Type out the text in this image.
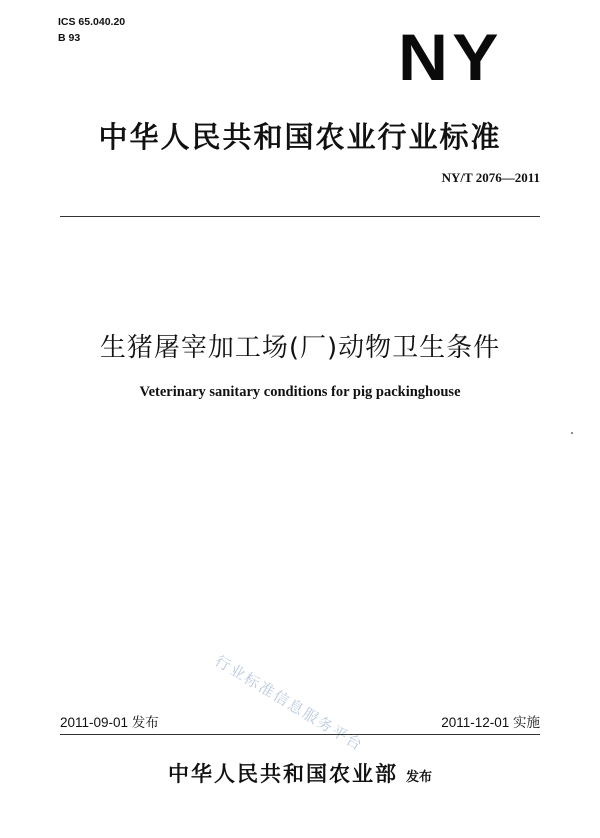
ICS 65.040.20
B 93	NY
中华人民共和国农业行业标准
NY/T 2076—2011
生猪屠宰加工场(厂)动物卫生条件
Veterinary sanitary conditions for pig packinghouse
行业标准信息服务平台
2011-09-01 发布	2011-12-01 实施
中华人民共和国农业部 发布
